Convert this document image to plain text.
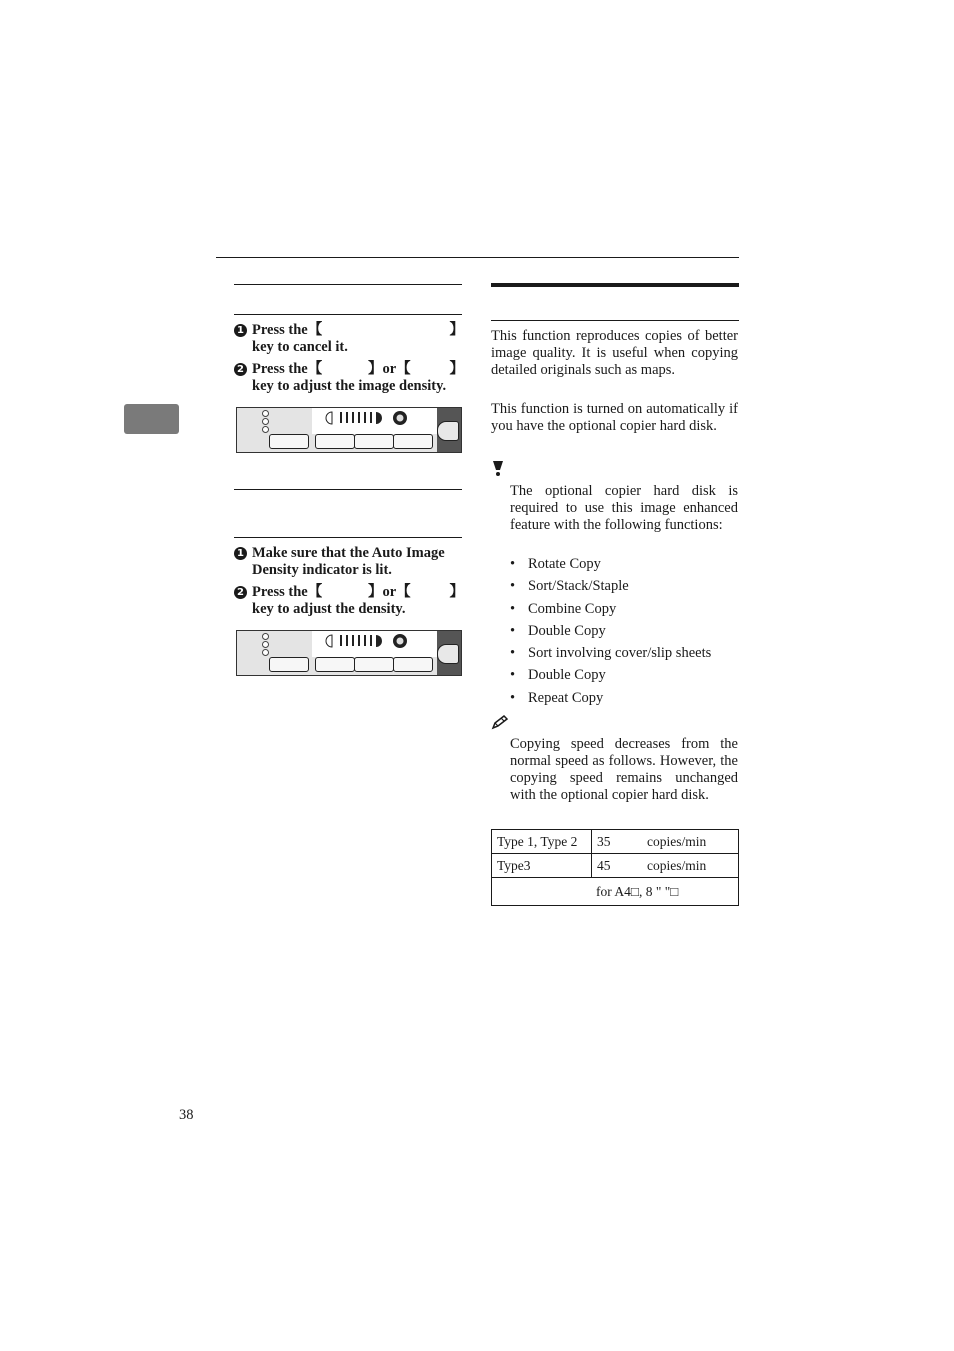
1 Press the【	】

key to cancel it.
2 Press the【	】or【	】

key to adjust the image density.
1 Make sure that the Auto Image
Density indicator is lit.
2 Press the【	】or【	】

key to adjust the density.
This function reproduces copies of better image quality. It is useful when copying detailed originals such as maps.
This function is turned on automatically if you have the optional copier hard disk.
The optional copier hard disk is required to use this image enhanced feature with the following functions:
• Rotate Copy
• Sort/Stack/Staple
• Combine Copy
• Double Copy
• Sort involving cover/slip sheets
• Double Copy
• Repeat Copy
Copying speed decreases from the normal speed as follows. However, the copying speed remains unchanged with the optional copier hard disk.
Type 1, Type 2	35 copies/min
Type3	45 copies/min
for A4□, 8 " "□	
38
